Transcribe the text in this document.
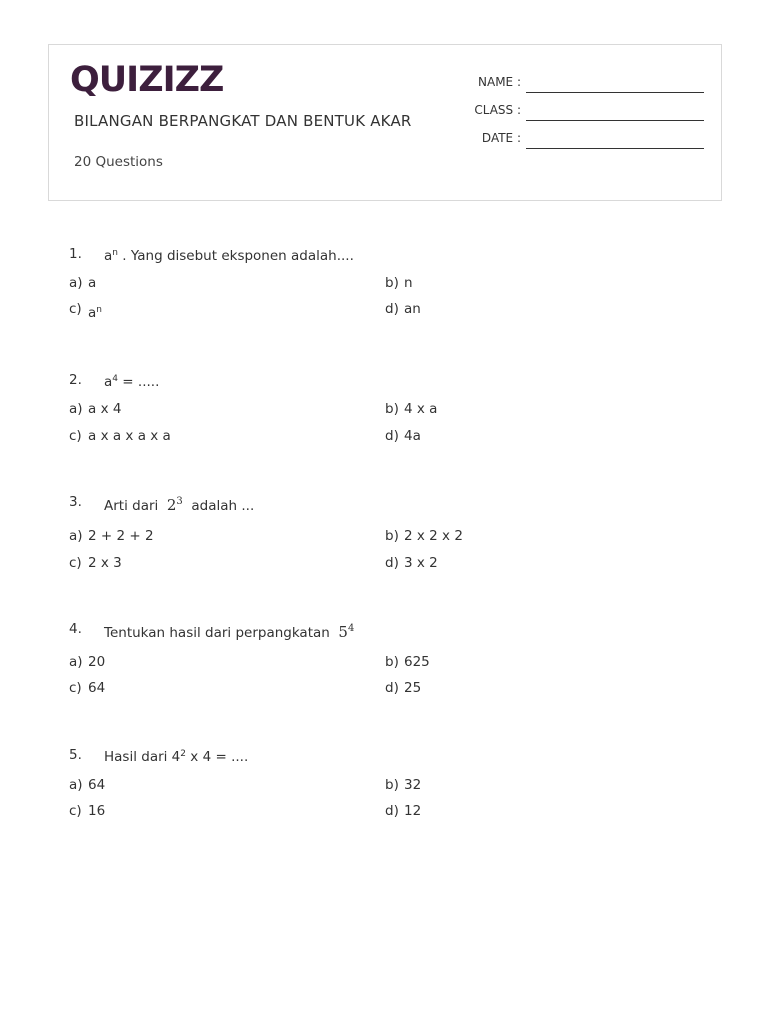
QUIZIZZ
BILANGAN BERPANGKAT DAN BENTUK AKAR
20 Questions
NAME :
CLASS :
DATE :
1. $a^n$ . Yang disebut eksponen adalah....
a) a	b) n
c) $a^n$	d) an
2. $a^4$ = .....
a) a x 4	b) 4 x a
c) a x a x a x a	d) 4a
3. Arti dari $2^3$ adalah ...
a) 2 + 2 + 2	b) 2 x 2 x 2
c) 2 x 3	d) 3 x 2
4. Tentukan hasil dari perpangkatan $5^4$
a) 20	b) 625
c) 64	d) 25
5. Hasil dari $4^2$ x 4 = ....
a) 64	b) 32
c) 16	d) 12
